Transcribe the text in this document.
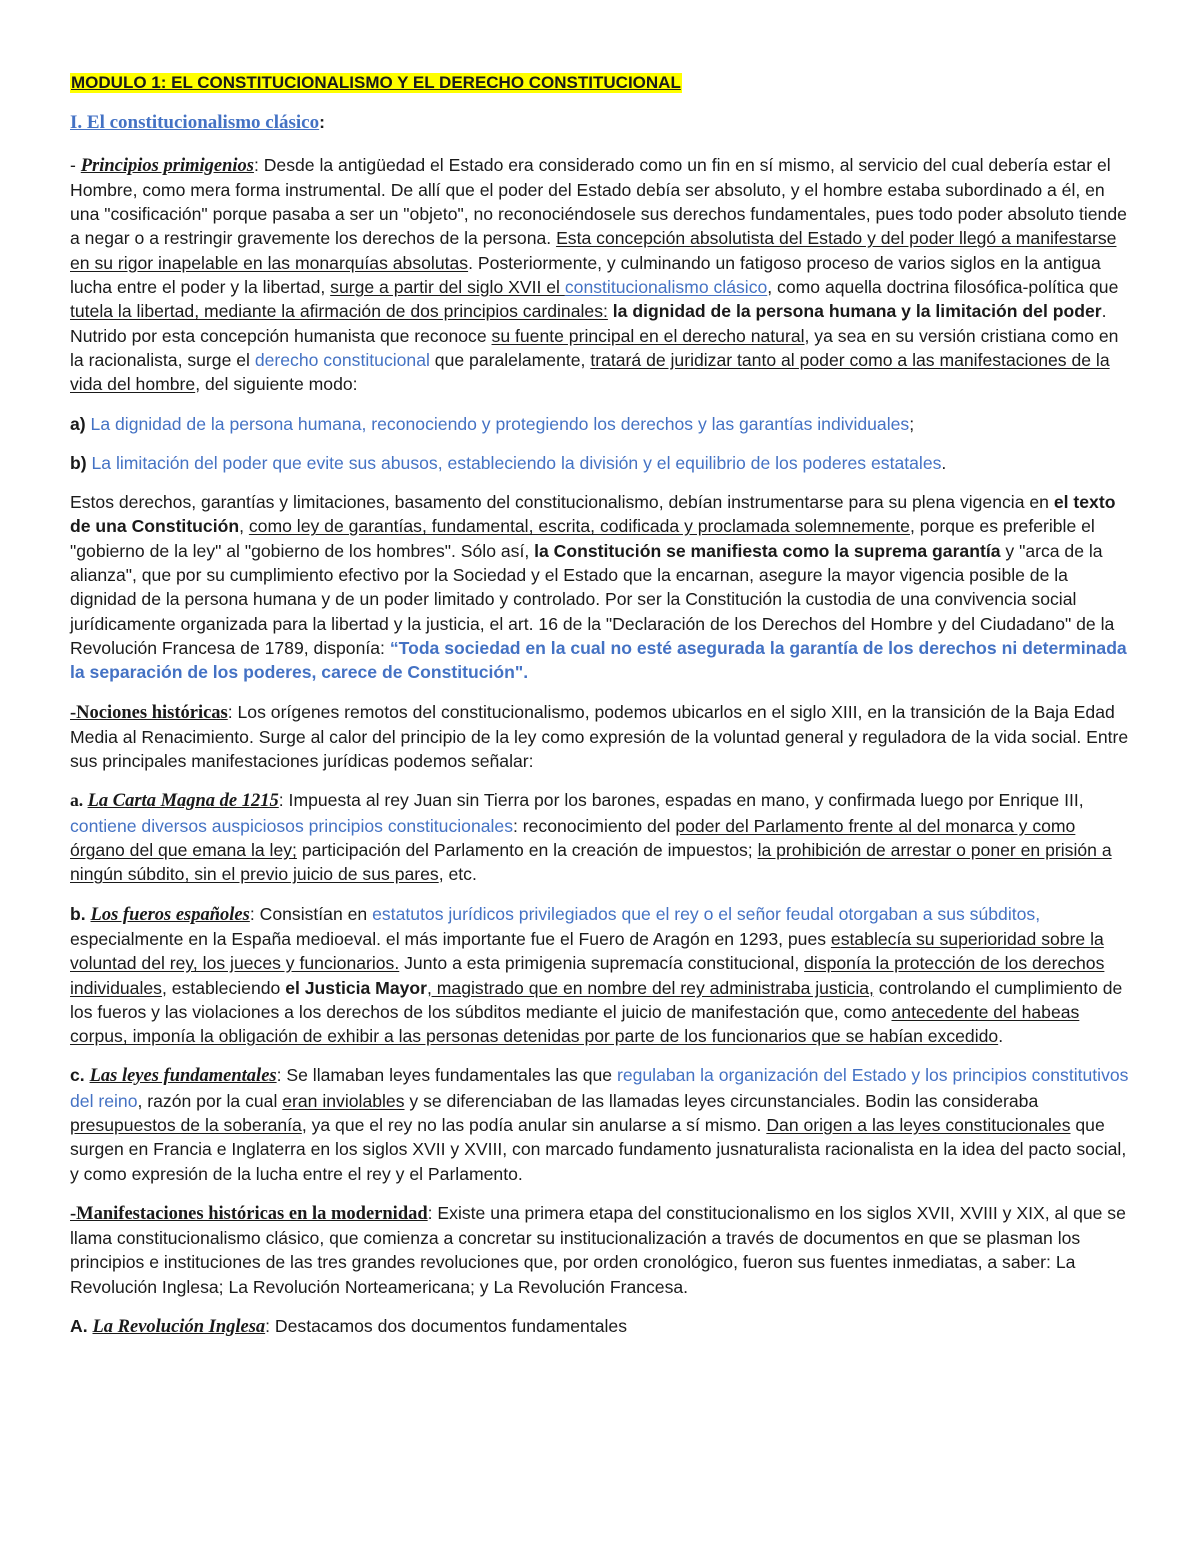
MODULO 1: EL CONSTITUCIONALISMO Y EL DERECHO CONSTITUCIONAL

I. El constitucionalismo clásico:

- Principios primigenios: Desde la antigüedad el Estado era considerado como un fin en sí mismo, al servicio del cual debería estar el Hombre, como mera forma instrumental. De allí que el poder del Estado debía ser absoluto, y el hombre estaba subordinado a él, en una "cosificación" porque pasaba a ser un "objeto", no reconociéndosele sus derechos fundamentales, pues todo poder absoluto tiende a negar o a restringir gravemente los derechos de la persona. Esta concepción absolutista del Estado y del poder llegó a manifestarse en su rigor inapelable en las monarquías absolutas. Posteriormente, y culminando un fatigoso proceso de varios siglos en la antigua lucha entre el poder y la libertad, surge a partir del siglo XVII el constitucionalismo clásico, como aquella doctrina filosófica-política que tutela la libertad, mediante la afirmación de dos principios cardinales: la dignidad de la persona humana y la limitación del poder. Nutrido por esta concepción humanista que reconoce su fuente principal en el derecho natural, ya sea en su versión cristiana como en la racionalista, surge el derecho constitucional que paralelamente, tratará de juridizar tanto al poder como a las manifestaciones de la vida del hombre, del siguiente modo:

a) La dignidad de la persona humana, reconociendo y protegiendo los derechos y las garantías individuales;

b) La limitación del poder que evite sus abusos, estableciendo la división y el equilibrio de los poderes estatales.

Estos derechos, garantías y limitaciones, basamento del constitucionalismo, debían instrumentarse para su plena vigencia en el texto de una Constitución, como ley de garantías, fundamental, escrita, codificada y proclamada solemnemente, porque es preferible el "gobierno de la ley" al "gobierno de los hombres". Sólo así, la Constitución se manifiesta como la suprema garantía y "arca de la alianza", que por su cumplimiento efectivo por la Sociedad y el Estado que la encarnan, asegure la mayor vigencia posible de la dignidad de la persona humana y de un poder limitado y controlado. Por ser la Constitución la custodia de una convivencia social jurídicamente organizada para la libertad y la justicia, el art. 16 de la "Declaración de los Derechos del Hombre y del Ciudadano" de la Revolución Francesa de 1789, disponía: “Toda sociedad en la cual no esté asegurada la garantía de los derechos ni determinada la separación de los poderes, carece de Constitución".

-Nociones históricas: Los orígenes remotos del constitucionalismo, podemos ubicarlos en el siglo XIII, en la transición de la Baja Edad Media al Renacimiento. Surge al calor del principio de la ley como expresión de la voluntad general y reguladora de la vida social. Entre sus principales manifestaciones jurídicas podemos señalar:

a. La Carta Magna de 1215: Impuesta al rey Juan sin Tierra por los barones, espadas en mano, y confirmada luego por Enrique III, contiene diversos auspiciosos principios constitucionales: reconocimiento del poder del Parlamento frente al del monarca y como órgano del que emana la ley; participación del Parlamento en la creación de impuestos; la prohibición de arrestar o poner en prisión a ningún súbdito, sin el previo juicio de sus pares, etc.

b. Los fueros españoles: Consistían en estatutos jurídicos privilegiados que el rey o el señor feudal otorgaban a sus súbditos, especialmente en la España medioeval. el más importante fue el Fuero de Aragón en 1293, pues establecía su superioridad sobre la voluntad del rey, los jueces y funcionarios. Junto a esta primigenia supremacía constitucional, disponía la protección de los derechos individuales, estableciendo el Justicia Mayor, magistrado que en nombre del rey administraba justicia, controlando el cumplimiento de los fueros y las violaciones a los derechos de los súbditos mediante el juicio de manifestación que, como antecedente del habeas corpus, imponía la obligación de exhibir a las personas detenidas por parte de los funcionarios que se habían excedido.

c. Las leyes fundamentales: Se llamaban leyes fundamentales las que regulaban la organización del Estado y los principios constitutivos del reino, razón por la cual eran inviolables y se diferenciaban de las llamadas leyes circunstanciales. Bodin las consideraba presupuestos de la soberanía, ya que el rey no las podía anular sin anularse a sí mismo. Dan origen a las leyes constitucionales que surgen en Francia e Inglaterra en los siglos XVII y XVIII, con marcado fundamento jusnaturalista racionalista en la idea del pacto social, y como expresión de la lucha entre el rey y el Parlamento.

-Manifestaciones históricas en la modernidad: Existe una primera etapa del constitucionalismo en los siglos XVII, XVIII y XIX, al que se llama constitucionalismo clásico, que comienza a concretar su institucionalización a través de documentos en que se plasman los principios e instituciones de las tres grandes revoluciones que, por orden cronológico, fueron sus fuentes inmediatas, a saber: La Revolución Inglesa; La Revolución Norteamericana; y La Revolución Francesa.

A. La Revolución Inglesa: Destacamos dos documentos fundamentales
